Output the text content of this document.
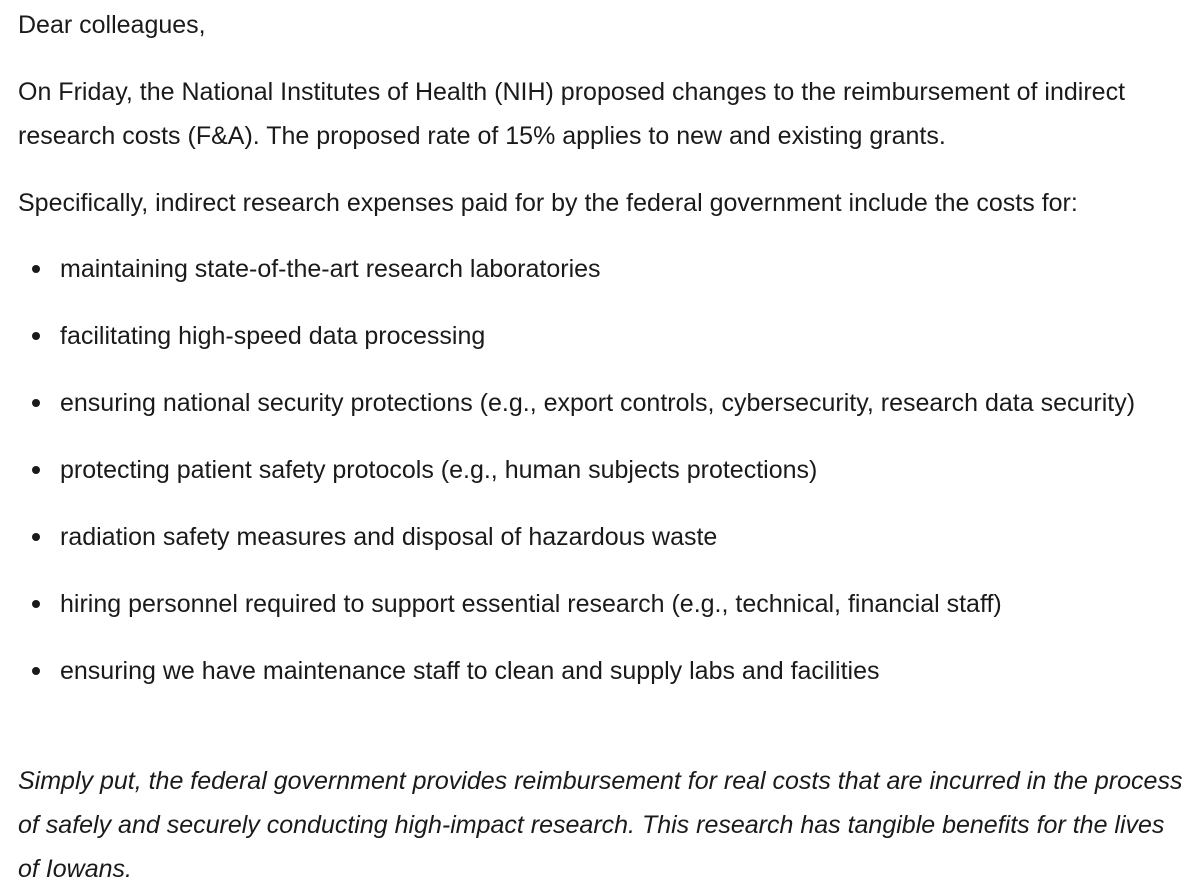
Dear colleagues,

On Friday, the National Institutes of Health (NIH) proposed changes to the reimbursement of indirect research costs (F&A). The proposed rate of 15% applies to new and existing grants.

Specifically, indirect research expenses paid for by the federal government include the costs for:

maintaining state-of-the-art research laboratories
facilitating high-speed data processing
ensuring national security protections (e.g., export controls, cybersecurity, research data security)
protecting patient safety protocols (e.g., human subjects protections)
radiation safety measures and disposal of hazardous waste
hiring personnel required to support essential research (e.g., technical, financial staff)
ensuring we have maintenance staff to clean and supply labs and facilities

Simply put, the federal government provides reimbursement for real costs that are incurred in the process of safely and securely conducting high-impact research. This research has tangible benefits for the lives of Iowans.
